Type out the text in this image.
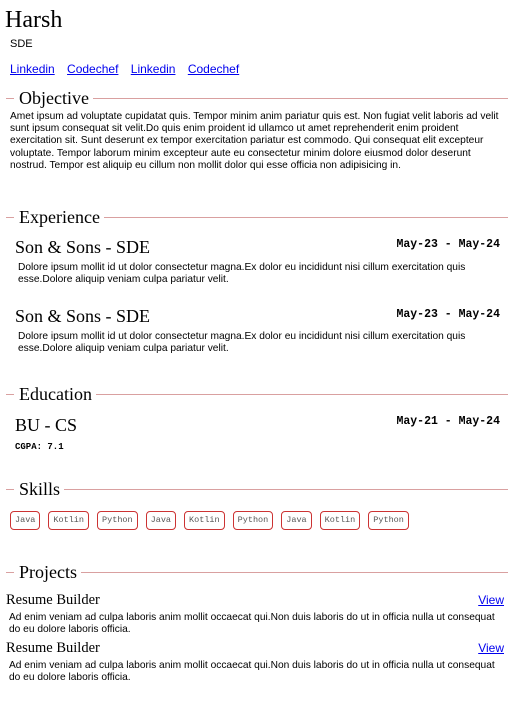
Harsh
SDE
Linkedin Codechef Linkedin Codechef
Objective
Amet ipsum ad voluptate cupidatat quis. Tempor minim anim pariatur quis est. Non fugiat velit laboris ad velit sunt ipsum consequat sit velit.Do quis enim proident id ullamco ut amet reprehenderit enim proident exercitation sit. Sunt deserunt ex tempor exercitation pariatur est commodo. Qui consequat elit excepteur voluptate. Tempor laborum minim excepteur aute eu consectetur minim dolore eiusmod dolor deserunt nostrud. Tempor est aliquip eu cillum non mollit dolor qui esse officia non adipisicing in.
Experience
Son & Sons - SDE	May-23 - May-24
Dolore ipsum mollit id ut dolor consectetur magna.Ex dolor eu incididunt nisi cillum exercitation quis esse.Dolore aliquip veniam culpa pariatur velit.
Son & Sons - SDE	May-23 - May-24
Dolore ipsum mollit id ut dolor consectetur magna.Ex dolor eu incididunt nisi cillum exercitation quis esse.Dolore aliquip veniam culpa pariatur velit.
Education
BU - CS	May-21 - May-24
CGPA: 7.1
Skills
Java	Kotlin	Python	Java	Kotlin	Python	Java	Kotlin	Python
Projects
Resume Builder	View
Ad enim veniam ad culpa laboris anim mollit occaecat qui.Non duis laboris do ut in officia nulla ut consequat do eu dolore laboris officia.
Resume Builder	View
Ad enim veniam ad culpa laboris anim mollit occaecat qui.Non duis laboris do ut in officia nulla ut consequat do eu dolore laboris officia.
